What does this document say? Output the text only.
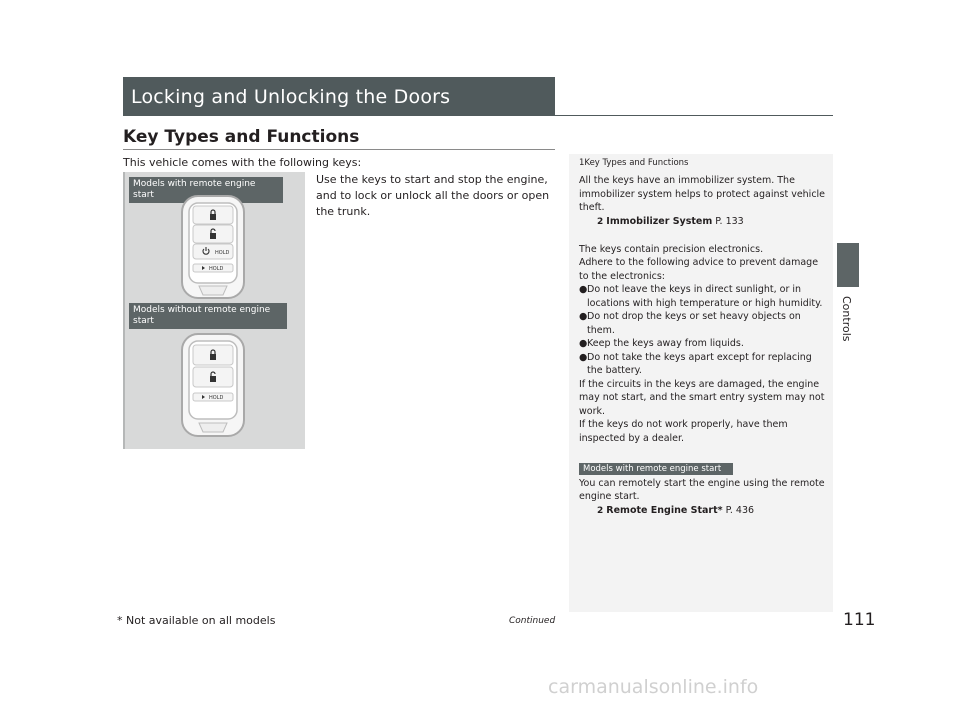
Locking and Unlocking the Doors
Key Types and Functions
This vehicle comes with the following keys:
Use the keys to start and stop the engine, and to lock or unlock all the doors or open the trunk.
Models with remote engine start
HOLD
HOLD
Models without remote engine start
HOLD
1Key Types and Functions

All the keys have an immobilizer system. The immobilizer system helps to protect against vehicle theft.

2 Immobilizer System P. 133

The keys contain precision electronics.

Adhere to the following advice to prevent damage to the electronics:

● Do not leave the keys in direct sunlight, or in locations with high temperature or high humidity.
● Do not drop the keys or set heavy objects on them.
● Keep the keys away from liquids.
● Do not take the keys apart except for replacing the battery.

If the circuits in the keys are damaged, the engine may not start, and the smart entry system may not work.

If the keys do not work properly, have them inspected by a dealer.

Models with remote engine start

You can remotely start the engine using the remote engine start.

2 Remote Engine Start* P. 436

Controls
* Not available on all models	Continued	111
carmanualsonline.info
